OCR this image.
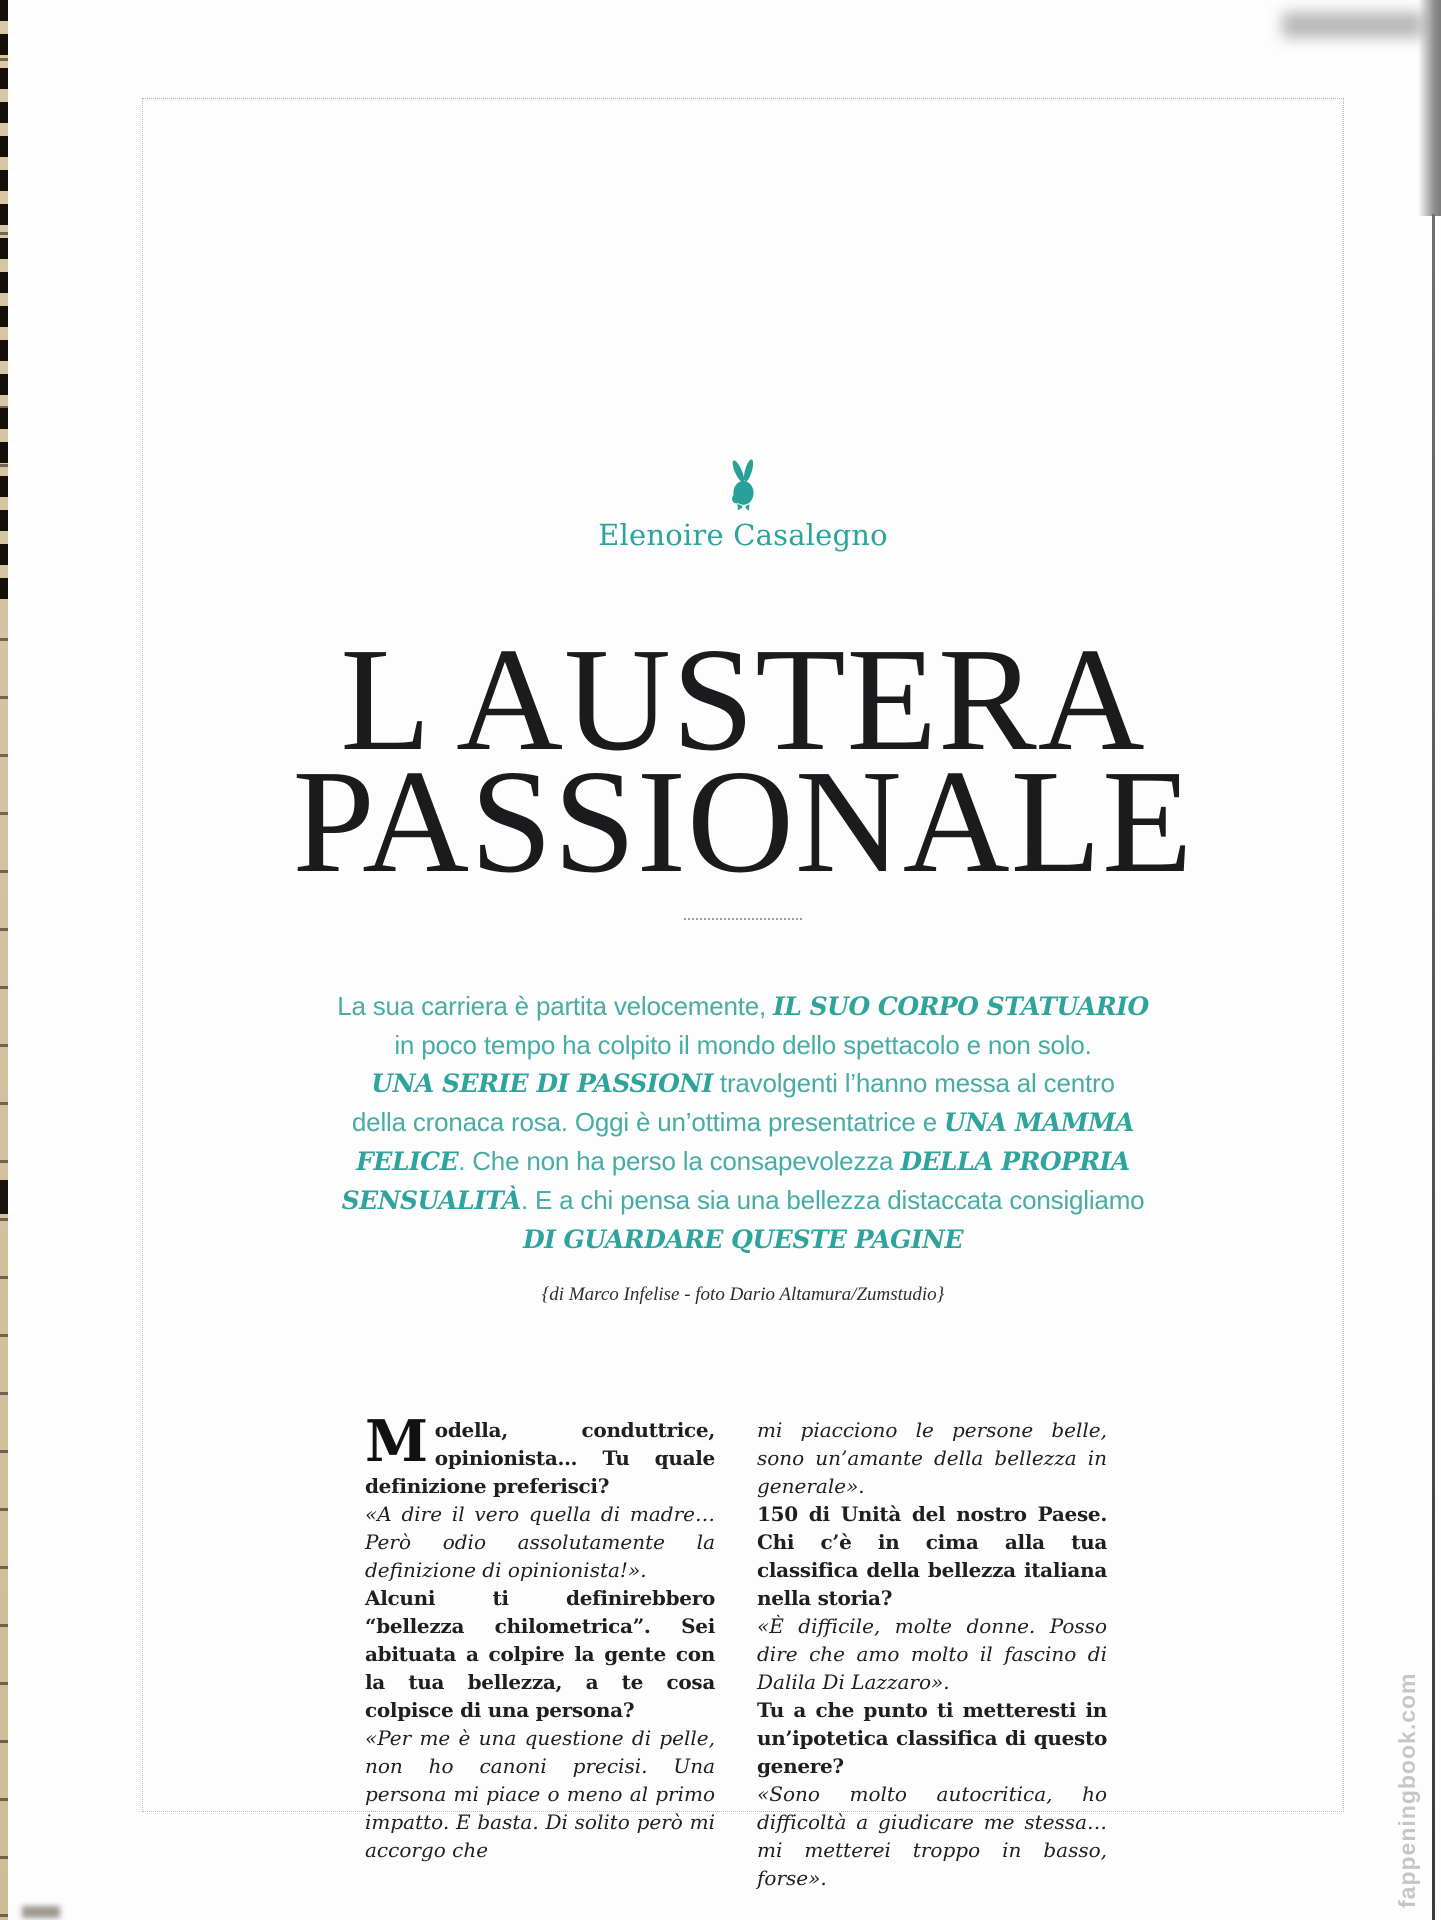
Elenoire Casalegno
L AUSTERA
PASSIONALE
La sua carriera è partita velocemente, IL SUO CORPO STATUARIO
in poco tempo ha colpito il mondo dello spettacolo e non solo.
UNA SERIE DI PASSIONI travolgenti l’hanno messa al centro
della cronaca rosa. Oggi è un’ottima presentatrice e UNA MAMMA
FELICE. Che non ha perso la consapevolezza DELLA PROPRIA
SENSUALITÀ. E a chi pensa sia una bellezza distaccata consigliamo
DI GUARDARE QUESTE PAGINE
{di Marco Infelise - foto Dario Altamura/Zumstudio}

Modella, conduttrice, opinionista… Tu quale definizione preferisci?

«A dire il vero quella di madre… Però odio assolutamente la definizione di opinionista!».

Alcuni ti definirebbero “bellezza chilometrica”. Sei abituata a colpire la gente con la tua bellezza, a te cosa colpisce di una persona?

«Per me è una questione di pelle, non ho canoni precisi. Una persona mi piace o meno al primo impatto. E basta. Di solito però mi accorgo che

mi piacciono le persone belle, sono un’amante della bellezza in generale».

150 di Unità del nostro Paese. Chi c’è in cima alla tua classifica della bellezza italiana nella storia?

«È difficile, molte donne. Posso dire che amo molto il fascino di Dalila Di Lazzaro».

Tu a che punto ti metteresti in un’ipotetica classifica di questo genere?

«Sono molto autocritica, ho difficoltà a giudicare me stessa… mi metterei troppo in basso, forse».	fappeningbook.com
